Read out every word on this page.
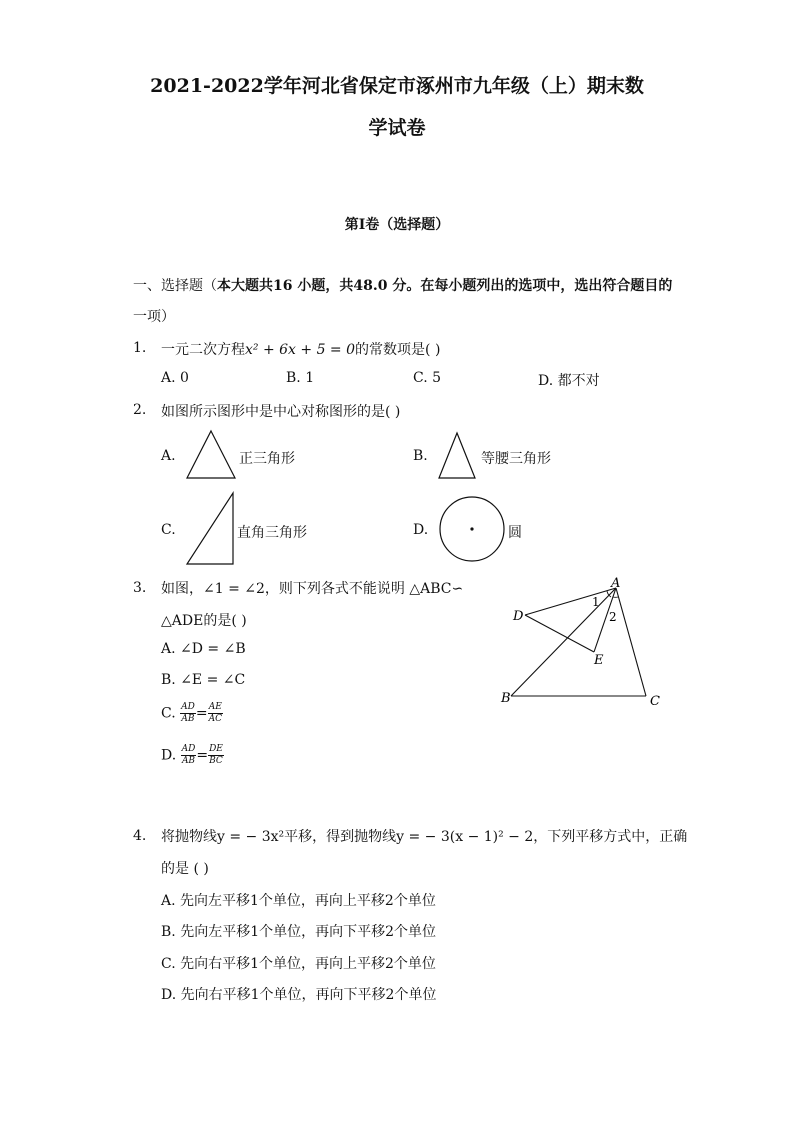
2021-2022学年河北省保定市涿州市九年级（上）期末数
学试卷
第I卷（选择题）
一、选择题（本大题共16 小题，共48.0 分。在每小题列出的选项中，选出符合题目的
一项）
1. 一元二次方程x² + 6x + 5 = 0的常数项是( )
A. 0	B. 1	C. 5	D. 都不对
2. 如图所示图形中是中心对称图形的是( )
A.	正三角形	B.	等腰三角形
C.	直角三角形	D.	圆
3. 如图，∠1 = ∠2，则下列各式不能说明 △ABC∽
△ADE的是( )
A. ∠D = ∠B
B. ∠E = ∠C
C. $\frac{AD}{AB} = \frac{AE}{AC}$
D. $\frac{AD}{AB} = \frac{DE}{BC}$
A
D
E
B	C
1
2
4. 将抛物线y = − 3x²平移，得到抛物线y = − 3(x − 1)² − 2，下列平移方式中，正确
的是 ( )
A. 先向左平移1个单位，再向上平移2个单位
B. 先向左平移1个单位，再向下平移2个单位
C. 先向右平移1个单位，再向上平移2个单位
D. 先向右平移1个单位，再向下平移2个单位
